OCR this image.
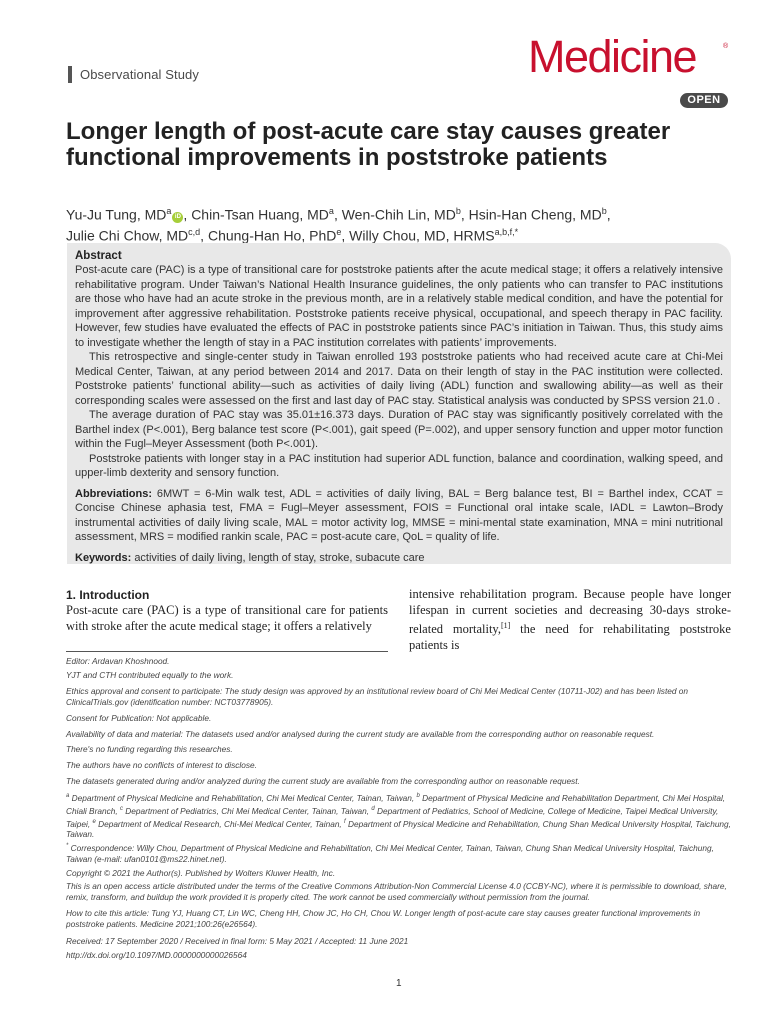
Observational Study	Medicine	®
OPEN
Longer length of post-acute care stay causes greater functional improvements in poststroke patients
Yu-Ju Tung, $MD^aiD$ , Chin-Tsan Huang, $MD^a$, Wen-Chih Lin, $MD^b$, Hsin-Han Cheng, $MD^b$,
Julie Chi Chow, MD$^{c,d}$, Chung-Han Ho, PhD$^e$, Willy Chou, MD, $HRMS^{a,b,f,*}$
Abstract

Post-acute care (PAC) is a type of transitional care for poststroke patients after the acute medical stage; it offers a relatively intensive rehabilitative program. Under Taiwan’s National Health Insurance guidelines, the only patients who can transfer to PAC institutions are those who have had an acute stroke in the previous month, are in a relatively stable medical condition, and have the potential for improvement after aggressive rehabilitation. Poststroke patients receive physical, occupational, and speech therapy in PAC facility. However, few studies have evaluated the effects of PAC in poststroke patients since PAC’s initiation in Taiwan. Thus, this study aims to investigate whether the length of stay in a PAC institution correlates with patients’ improvements.

This retrospective and single-center study in Taiwan enrolled 193 poststroke patients who had received acute care at Chi-Mei Medical Center, Taiwan, at any period between 2014 and 2017. Data on their length of stay in the PAC institution were collected. Poststroke patients’ functional ability—such as activities of daily living (ADL) function and swallowing ability—as well as their corresponding scales were assessed on the first and last day of PAC stay. Statistical analysis was conducted by SPSS version 21.0 .

The average duration of PAC stay was 35.01±16.373 days. Duration of PAC stay was significantly positively correlated with the Barthel index (P<.001), Berg balance test score (P<.001), gait speed (P=.002), and upper sensory function and upper motor function within the Fugl–Meyer Assessment (both P<.001).

Poststroke patients with longer stay in a PAC institution had superior ADL function, balance and coordination, walking speed, and upper-limb dexterity and sensory function.

Abbreviations: 6MWT = 6-Min walk test, ADL = activities of daily living, BAL = Berg balance test, BI = Barthel index, CCAT = Concise Chinese aphasia test, FMA = Fugl–Meyer assessment, FOIS = Functional oral intake scale, IADL = Lawton–Brody instrumental activities of daily living scale, MAL = motor activity log, MMSE = mini-mental state examination, MNA = mini nutritional assessment, MRS = modified rankin scale, PAC = post-acute care, QoL = quality of life.

Keywords: activities of daily living, length of stay, stroke, subacute care

1. Introduction

Post-acute care (PAC) is a type of transitional care for patients with stroke after the acute medical stage; it offers a relatively

intensive rehabilitation program. Because people have longer lifespan in current societies and decreasing 30-days stroke-related mortality,[1] the need for rehabilitating poststroke patients is

Editor: Ardavan Khoshnood.

YJT and CTH contributed equally to the work.

Ethics approval and consent to participate: The study design was approved by an institutional review board of Chi Mei Medical Center (10711-J02) and has been listed on ClinicalTrials.gov (identification number: NCT03778905).

Consent for Publication: Not applicable.

Availability of data and material: The datasets used and/or analysed during the current study are available from the corresponding author on reasonable request.

There's no funding regarding this researches.

The authors have no conflicts of interest to disclose.

The datasets generated during and/or analyzed during the current study are available from the corresponding author on reasonable request.

$^a$ Department of Physical Medicine and Rehabilitation, Chi Mei Medical Center, Tainan, Taiwan, $^b$ Department of Physical Medicine and Rehabilitation Department, Chi Mei Hospital, Chiali Branch, $^c$ Department of Pediatrics, Chi Mei Medical Center, Tainan, Taiwan, $^d$ Department of Pediatrics, School of Medicine, College of Medicine, Taipei Medical University, Taipei, $^e$ Department of Medical Research, Chi-Mei Medical Center, Tainan, $^f$ Department of Physical Medicine and Rehabilitation, Chung Shan Medical University Hospital, Taichung, Taiwan.

* Correspondence: Willy Chou, Department of Physical Medicine and Rehabilitation, Chi Mei Medical Center, Tainan, Taiwan, Chung Shan Medical University Hospital, Taichung, Taiwan (e-mail: ufan0101@ms22.hinet.net).

Copyright © 2021 the Author(s). Published by Wolters Kluwer Health, Inc.

This is an open access article distributed under the terms of the Creative Commons Attribution-Non Commercial License 4.0 (CCBY-NC), where it is permissible to download, share, remix, transform, and buildup the work provided it is properly cited. The work cannot be used commercially without permission from the journal.

How to cite this article: Tung YJ, Huang CT, Lin WC, Cheng HH, Chow JC, Ho CH, Chou W. Longer length of post-acute care stay causes greater functional improvements in poststroke patients. Medicine 2021;100:26(e26564).

Received: 17 September 2020 / Received in final form: 5 May 2021 / Accepted: 11 June 2021

http://dx.doi.org/10.1097/MD.0000000000026564

1
